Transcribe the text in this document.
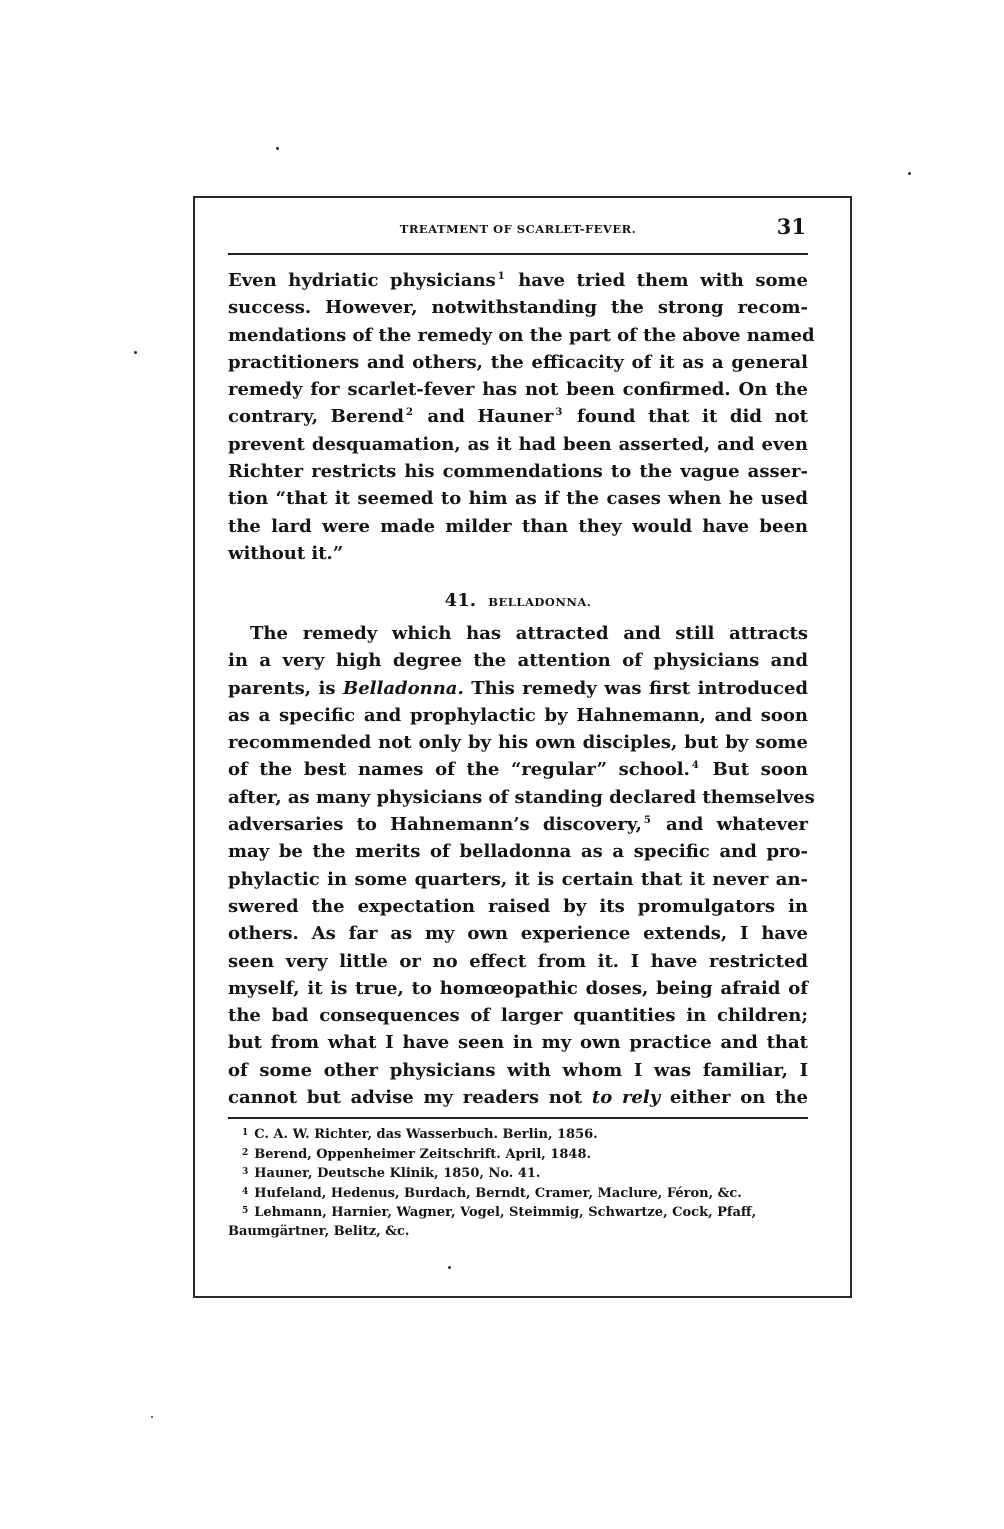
TREATMENT OF SCARLET-FEVER.	31
Even hydriatic physicians $^1$ have tried them with some
success. However, notwithstanding the strong recom-
mendations of the remedy on the part of the above named
practitioners and others, the efficacity of it as a general
remedy for scarlet-fever has not been confirmed. On the
contrary, Berend $^2$ and Hauner $^3$ found that it did not
prevent desquamation, as it had been asserted, and even
Richter restricts his commendations to the vague asser-
tion “that it seemed to him as if the cases when he used
the lard were made milder than they would have been
without it.”
41. BELLADONNA.
The remedy which has attracted and still attracts
in a very high degree the attention of physicians and
parents, is Belladonna. This remedy was first introduced
as a specific and prophylactic by Hahnemann, and soon
recommended not only by his own disciples, but by some
of the best names of the “regular” school. $^4$ But soon
after, as many physicians of standing declared themselves
adversaries to Hahnemann’s discovery, $^5$ and whatever
may be the merits of belladonna as a specific and pro-
phylactic in some quarters, it is certain that it never an-
swered the expectation raised by its promulgators in
others. As far as my own experience extends, I have
seen very little or no effect from it. I have restricted
myself, it is true, to homœopathic doses, being afraid of
the bad consequences of larger quantities in children;
but from what I have seen in my own practice and that
of some other physicians with whom I was familiar, I
cannot but advise my readers not to rely either on the
$^1$ C. A. W. Richter, das Wasserbuch. Berlin, 1856.
$^2$ Berend, Oppenheimer Zeitschrift. April, 1848.
$^3$ Hauner, Deutsche Klinik, 1850, No. 41.
$^4$ Hufeland, Hedenus, Burdach, Berndt, Cramer, Maclure, Féron, &c.
$^5$ Lehmann, Harnier, Wagner, Vogel, Steimmig, Schwartze, Cock, Pfaff,
Baumgärtner, Belitz, &c.
